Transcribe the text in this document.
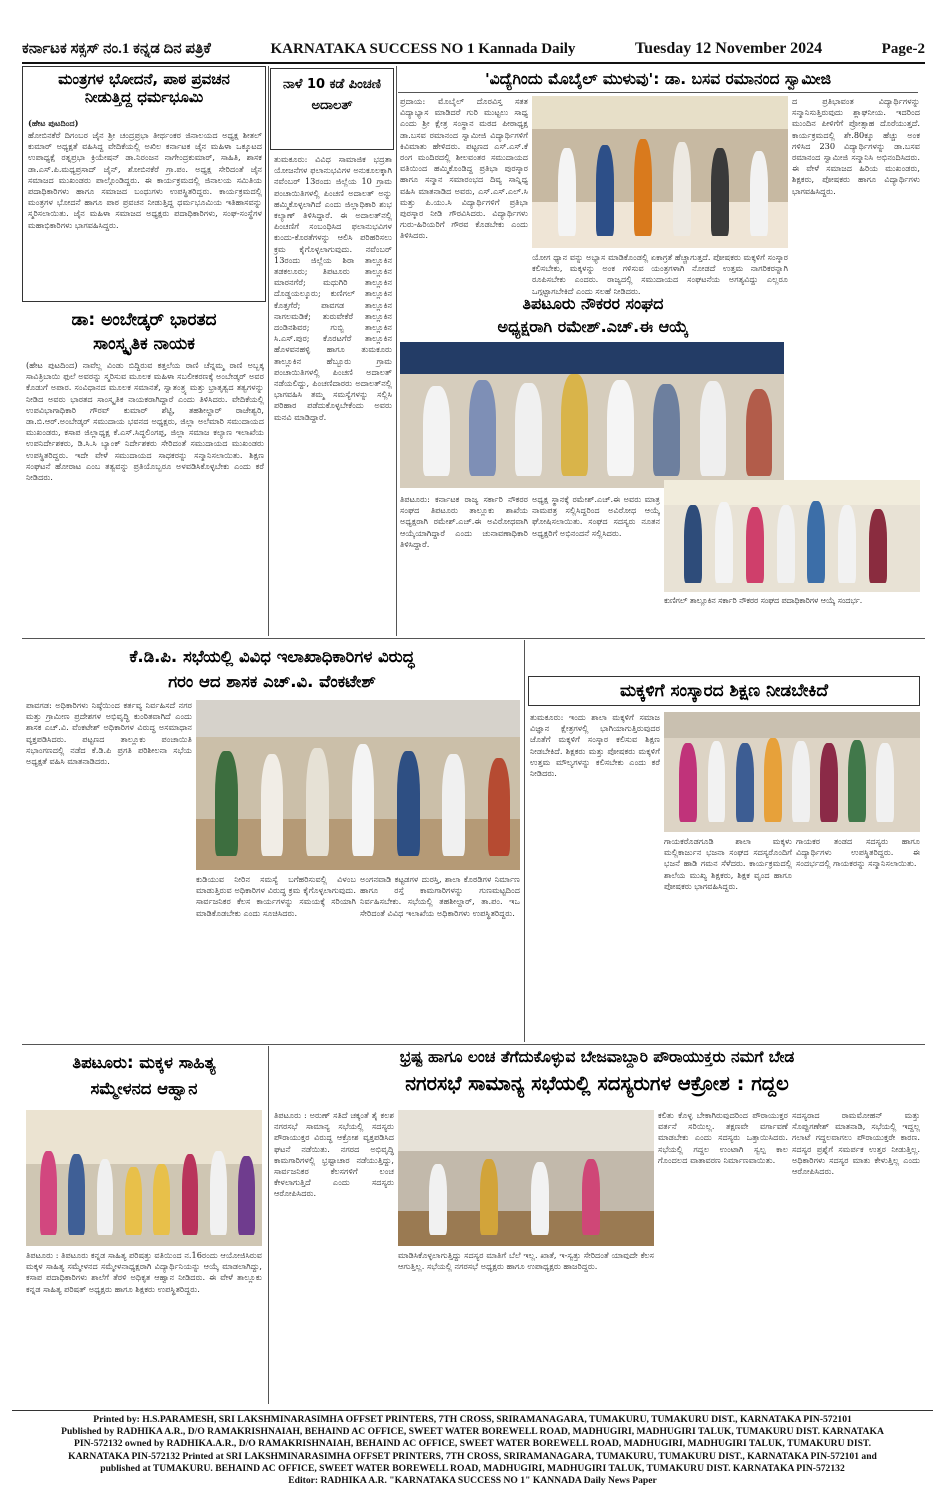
ಕರ್ನಾಟಕ ಸಕ್ಸಸ್ ನಂ.1 ಕನ್ನಡ ದಿನ ಪತ್ರಿಕೆ	KARNATAKA SUCCESS NO 1 Kannada Daily	Tuesday 12 November 2024	Page-2
ಮಂತ್ರಗಳ ಭೋದನೆ, ಪಾಠ ಪ್ರವಚನ
ನೀಡುತ್ತಿದ್ದ ಧರ್ಮಭೂಮಿ
(ಹೇಟ ಪುಟದಿಂದ)
ಹೋಬಿನಕೆರೆ ದಿಗಂಬರ ಜೈನ ಶ್ರೀ ಚಂದ್ರಪ್ರಭಾ ತೀರ್ಥಂಕರ ಜಿನಾಲಯದ ಅಧ್ಯಕ್ಷ ಶೀತಲ್ ಕುಮಾರ್ ಅಧ್ಯಕ್ಷತೆ ವಹಿಸಿದ್ದ ವೇದಿಕೆಯಲ್ಲಿ ಅಖಿಲ ಕರ್ನಾಟಕ ಜೈನ ಮಹಿಳಾ ಒಕ್ಕೂಟದ ಉಪಾಧ್ಯಕ್ಷೆ ರತ್ನಪ್ರಭಾ ಕ್ರಿಯೇಷನ್ ಡಾ.ನಿರಂಜನ ನಾಗೇಂದ್ರಕುಮಾರ್, ಸಾಹಿತಿ, ಶಾಸಕ ಡಾ.ಎಸ್.ಪಿ.ಮಧ್ಯಪ್ರಸಾದ್ ಜೈನ್, ಶೋಬಿನಕೆರೆ ಗ್ರಾ.ಪಂ. ಅಧ್ಯಕ್ಷ ಸೇರಿದಂತೆ ಜೈನ ಸಮಾಜದ ಮುಖಂಡರು ಪಾಲ್ಗೊಂಡಿದ್ದರು. ಈ ಕಾರ್ಯಕ್ರಮದಲ್ಲಿ ಜಿನಾಲಯ ಸಮಿತಿಯ ಪದಾಧಿಕಾರಿಗಳು ಹಾಗೂ ಸಮಾಜದ ಬಂಧುಗಳು ಉಪಸ್ಥಿತರಿದ್ದರು. ಕಾರ್ಯಕ್ರಮದಲ್ಲಿ ಮಂತ್ರಗಳ ಭೋದನೆ ಹಾಗೂ ಪಾಠ ಪ್ರವಚನ ನೀಡುತ್ತಿದ್ದ ಧರ್ಮಭೂಮಿಯ ಇತಿಹಾಸವನ್ನು ಸ್ಮರಿಸಲಾಯಿತು. ಜೈನ ಮಹಿಳಾ ಸಮಾಜದ ಅಧ್ಯಕ್ಷರು ಪದಾಧಿಕಾರಿಗಳು, ಸಂಘ-ಸಂಸ್ಥೆಗಳ ಮಹಾಭಿಕಾರಿಗಳು ಭಾಗವಹಿಸಿದ್ದರು.
ನಾಳೆ 10 ಕಡೆ ಪಿಂಚಣಿ ಅದಾಲತ್
ತುಮಕೂರು: ವಿವಿಧ ಸಾಮಾಜಿಕ ಭದ್ರತಾ ಯೋಜನೆಗಳ ಫಲಾನುಭವಿಗಳ ಅನುಕೂಲಕ್ಕಾಗಿ ನವೆಂಬರ್ 13ರಂದು ಜಿಲ್ಲೆಯ 10 ಗ್ರಾಮ ಪಂಚಾಯಿತಿಗಳಲ್ಲಿ ಪಿಂಚಣಿ ಅದಾಲತ್ ಅನ್ನು ಹಮ್ಮಿಕೊಳ್ಳಲಾಗಿದೆ ಎಂದು ಜಿಲ್ಲಾಧಿಕಾರಿ ಶುಭ ಕಲ್ಯಾಣ್ ತಿಳಿಸಿದ್ದಾರೆ. ಈ ಅದಾಲತ್‌ನಲ್ಲಿ ಪಿಂಚಣಿಗೆ ಸಂಬಂಧಿಸಿದ ಫಲಾನುಭವಿಗಳ ಕುಂದು-ಕೊರತೆಗಳನ್ನು ಆಲಿಸಿ ಪರಿಹರಿಸಲು ಕ್ರಮ ಕೈಗೊಳ್ಳಲಾಗುವುದು. ನವೆಂಬರ್ 13ರಂದು ಜಿಲ್ಲೆಯ ಶಿರಾ ತಾಲ್ಲೂಕಿನ ತಡಕಲೂರು; ತಿಪಟೂರು ತಾಲ್ಲೂಕಿನ ಮಾರನಗೆರೆ; ಮಧುಗಿರಿ ತಾಲ್ಲೂಕಿನ ದೊಡ್ಡಯಲ್ಕೂರು; ಕುಣಿಗಲ್ ತಾಲ್ಲೂಕಿನ ಕೊತ್ತಗೆರೆ; ಪಾವಗಡ ತಾಲ್ಲೂಕಿನ ನಾಗಲಮಡಿಕೆ; ತುರುವೇಕೆರೆ ತಾಲ್ಲೂಕಿನ ದಂಡಿನಶಿವರ; ಗುಬ್ಬಿ ತಾಲ್ಲೂಕಿನ ಸಿ.ಎಸ್.ಪುರ; ಕೊರಟಗೆರೆ ತಾಲ್ಲೂಕಿನ ಹೊಳವನಹಳ್ಳಿ ಹಾಗೂ ತುಮಕೂರು ತಾಲ್ಲೂಕಿನ ಹೆಬ್ಬೂರು ಗ್ರಾಮ ಪಂಚಾಯಿತಿಗಳಲ್ಲಿ ಪಿಂಚಣಿ ಅದಾಲತ್ ನಡೆಯಲಿದ್ದು, ಪಿಂಚಣಿದಾರರು ಅದಾಲತ್‌ನಲ್ಲಿ ಭಾಗವಹಿಸಿ ತಮ್ಮ ಸಮಸ್ಯೆಗಳನ್ನು ಸಲ್ಲಿಸಿ ಪರಿಹಾರ ಪಡೆದುಕೊಳ್ಳಬೇಕೆಂದು ಅವರು ಮನವಿ ಮಾಡಿದ್ದಾರೆ.
ಡಾ: ಅಂಬೇಡ್ಕರ್ ಭಾರತದ
ಸಾಂಸ್ಕೃತಿಕ ನಾಯಕ
(ಹೇಟ ಪುಟದಿಂದ) ನಾವೆಲ್ಲ ವಿಂಡು ಬಿದ್ದಿರುವ ಕತ್ತಲೆಯ ರಾಣಿ ಚೆನ್ನಮ್ಮ ರಾಣಿ ಅಬ್ಬಕ್ಕ ಸಾವಿತ್ರಿಬಾಯಿ ಫುಲೆ ಅವರನ್ನು ಸ್ಮರಿಸುವ ಮೂಲಕ ಮಹಿಳಾ ಸಬಲೀಕರಣಕ್ಕೆ ಅಂಬೇಡ್ಕರ್ ಅವರ ಕೊಡುಗೆ ಅಪಾರ. ಸಂವಿಧಾನದ ಮೂಲಕ ಸಮಾನತೆ, ಸ್ವಾತಂತ್ರ್ಯ ಮತ್ತು ಭ್ರಾತೃತ್ವದ ತತ್ವಗಳನ್ನು ನೀಡಿದ ಅವರು ಭಾರತದ ಸಾಂಸ್ಕೃತಿಕ ನಾಯಕರಾಗಿದ್ದಾರೆ ಎಂದು ತಿಳಿಸಿದರು. ವೇದಿಕೆಯಲ್ಲಿ ಉಪವಿಭಾಗಾಧಿಕಾರಿ ಗೌರವ್ ಕುಮಾರ್ ಶೆಟ್ಟಿ, ತಹಶೀಲ್ದಾರ್ ರಾಜೇಶ್ವರಿ, ಡಾ.ಬಿ.ಆರ್.ಅಂಬೇಡ್ಕರ್ ಸಮುದಾಯ ಭವನದ ಅಧ್ಯಕ್ಷರು, ಜಿಲ್ಲಾ ಅಲೆಮಾರಿ ಸಮುದಾಯದ ಮುಖಂಡರು, ಕಸಾಪ ಜಿಲ್ಲಾಧ್ಯಕ್ಷ ಕೆ.ಎಸ್.ಸಿದ್ಧಲಿಂಗಪ್ಪ, ಜಿಲ್ಲಾ ಸಮಾಜ ಕಲ್ಯಾಣ ಇಲಾಖೆಯ ಉಪನಿರ್ದೇಶಕರು, ಡಿ.ಸಿ.ಸಿ ಬ್ಯಾಂಕ್ ನಿರ್ದೇಶಕರು ಸೇರಿದಂತೆ ಸಮುದಾಯದ ಮುಖಂಡರು ಉಪಸ್ಥಿತರಿದ್ದರು. ಇದೇ ವೇಳೆ ಸಮುದಾಯದ ಸಾಧಕರನ್ನು ಸನ್ಮಾನಿಸಲಾಯಿತು. ಶಿಕ್ಷಣ ಸಂಘಟನೆ ಹೋರಾಟ ಎಂಬ ತತ್ವವನ್ನು ಪ್ರತಿಯೊಬ್ಬರೂ ಅಳವಡಿಸಿಕೊಳ್ಳಬೇಕು ಎಂದು ಕರೆ ನೀಡಿದರು.
'ವಿದ್ಯೆಗಿಂದು ಮೊಬೈಲ್ ಮುಳುವು': ಡಾ. ಬಸವ ರಮಾನಂದ ಸ್ವಾಮೀಜಿ
ಪ್ರದಾಯ: ಮೊಬೈಲ್ ದೊರವಿಸ್ತ ಸತತ ವಿದ್ಯಾಭ್ಯಾಸ ಮಾಡಿದರೆ ಗುರಿ ಮುಟ್ಟಲು ಸಾಧ್ಯ ಎಂದು ಶ್ರೀ ಕ್ಷೇತ್ರ ಸಂಸ್ಥಾನ ಮಠದ ಪೀಠಾಧ್ಯಕ್ಷ ಡಾ.ಬಸವ ರಮಾನಂದ ಸ್ವಾಮೀಜಿ ವಿದ್ಯಾರ್ಥಿಗಳಿಗೆ ಕಿವಿಮಾತು ಹೇಳಿದರು. ಪಟ್ಟಣದ ಎಸ್.ಎಸ್.ಕೆ ರಂಗ ಮಂದಿರದಲ್ಲಿ ಶೀಲವಂತರ ಸಮುದಾಯದ ವತಿಯಿಂದ ಹಮ್ಮಿಕೊಂಡಿದ್ದ ಪ್ರತಿಭಾ ಪುರಸ್ಕಾರ ಹಾಗೂ ಸನ್ಮಾನ ಸಮಾರಂಭದ ದಿವ್ಯ ಸಾನ್ನಿಧ್ಯ ವಹಿಸಿ ಮಾತನಾಡಿದ ಅವರು, ಎಸ್.ಎಸ್.ಎಲ್.ಸಿ ಮತ್ತು ಪಿ.ಯು.ಸಿ ವಿದ್ಯಾರ್ಥಿಗಳಿಗೆ ಪ್ರತಿಭಾ ಪುರಸ್ಕಾರ ನೀಡಿ ಗೌರವಿಸಿದರು. ವಿದ್ಯಾರ್ಥಿಗಳು ಗುರು-ಹಿರಿಯರಿಗೆ ಗೌರವ ಕೊಡಬೇಕು ಎಂದು ತಿಳಿಸಿದರು.
ಯೋಗ ಧ್ಯಾನ ವನ್ನು ಅಭ್ಯಾಸ ಮಾಡಿಕೊಂಡಲ್ಲಿ ಏಕಾಗ್ರತೆ ಹೆಚ್ಚಾಗುತ್ತದೆ. ಪೋಷಕರು ಮಕ್ಕಳಿಗೆ ಸಂಸ್ಕಾರ ಕಲಿಸಬೇಕು, ಮಕ್ಕಳನ್ನು ಅಂಕ ಗಳಿಸುವ ಯಂತ್ರಗಳಾಗಿ ನೋಡದೆ ಉತ್ತಮ ನಾಗರಿಕರನ್ನಾಗಿ ರೂಪಿಸಬೇಕು ಎಂದರು. ರಾಜ್ಯದಲ್ಲಿ ಸಮುದಾಯದ ಸಂಘಟನೆಯ ಅಗತ್ಯವಿದ್ದು ಎಲ್ಲರೂ ಒಗ್ಗಟ್ಟಾಗಬೇಕಿದೆ ಎಂದು ಸಲಹೆ ನೀಡಿದರು.
ದ ಪ್ರತಿಭಾವಂತ ವಿದ್ಯಾರ್ಥಿಗಳನ್ನು ಸನ್ಮಾನಿಸುತ್ತಿರುವುದು ಶ್ಲಾಘನೀಯ. ಇದರಿಂದ ಮುಂದಿನ ಪೀಳಿಗೆಗೆ ಪ್ರೋತ್ಸಾಹ ದೊರೆಯುತ್ತದೆ. ಕಾರ್ಯಕ್ರಮದಲ್ಲಿ ಶೇ.80ಕ್ಕೂ ಹೆಚ್ಚು ಅಂಕ ಗಳಿಸಿದ 230 ವಿದ್ಯಾರ್ಥಿಗಳನ್ನು ಡಾ.ಬಸವ ರಮಾನಂದ ಸ್ವಾಮೀಜಿ ಸನ್ಮಾನಿಸಿ ಅಭಿನಂದಿಸಿದರು. ಈ ವೇಳೆ ಸಮಾಜದ ಹಿರಿಯ ಮುಖಂಡರು, ಶಿಕ್ಷಕರು, ಪೋಷಕರು ಹಾಗೂ ವಿದ್ಯಾರ್ಥಿಗಳು ಭಾಗವಹಿಸಿದ್ದರು.
ತಿಪಟೂರು ನೌಕರರ ಸಂಘದ
ಅಧ್ಯಕ್ಷರಾಗಿ ರಮೇಶ್.ಎಚ್.ಈ ಆಯ್ಕೆ
ತಿಪಟೂರು: ಕರ್ನಾಟಕ ರಾಜ್ಯ ಸರ್ಕಾರಿ ನೌಕರರ ಸಂಘದ ತಿಪಟೂರು ತಾಲ್ಲೂಕು ಶಾಖೆಯ ಅಧ್ಯಕ್ಷರಾಗಿ ರಮೇಶ್.ಎಚ್.ಈ ಅವಿರೋಧವಾಗಿ ಆಯ್ಕೆಯಾಗಿದ್ದಾರೆ ಎಂದು ಚುನಾವಣಾಧಿಕಾರಿ ತಿಳಿಸಿದ್ದಾರೆ.
ಅಧ್ಯಕ್ಷ ಸ್ಥಾನಕ್ಕೆ ರಮೇಶ್.ಎಚ್.ಈ ಅವರು ಮಾತ್ರ ನಾಮಪತ್ರ ಸಲ್ಲಿಸಿದ್ದರಿಂದ ಅವಿರೋಧ ಆಯ್ಕೆ ಘೋಷಿಸಲಾಯಿತು. ಸಂಘದ ಸದಸ್ಯರು ನೂತನ ಅಧ್ಯಕ್ಷರಿಗೆ ಅಭಿನಂದನೆ ಸಲ್ಲಿಸಿದರು.
ಕುಣಿಗಲ್ ತಾಲ್ಲೂಕಿನ ಸರ್ಕಾರಿ ನೌಕರರ ಸಂಘದ ಪದಾಧಿಕಾರಿಗಳ ಆಯ್ಕೆ ಸಂದರ್ಭ.
ಕೆ.ಡಿ.ಪಿ. ಸಭೆಯಲ್ಲಿ ವಿವಿಧ ಇಲಾಖಾಧಿಕಾರಿಗಳ ವಿರುದ್ಧ
ಗರಂ ಆದ ಶಾಸಕ ಎಚ್.ವಿ. ವೆಂಕಟೇಶ್
ಪಾವಗಡ: ಅಧಿಕಾರಿಗಳು ನಿಷ್ಠೆಯಿಂದ ಕರ್ತವ್ಯ ನಿರ್ವಹಿಸದೆ ನಗರ ಮತ್ತು ಗ್ರಾಮೀಣ ಪ್ರದೇಶಗಳ ಅಭಿವೃದ್ಧಿ ಕುಂಠಿತವಾಗಿದೆ ಎಂದು ಶಾಸಕ ಎಚ್.ವಿ. ವೆಂಕಟೇಶ್ ಅಧಿಕಾರಿಗಳ ವಿರುದ್ಧ ಅಸಮಾಧಾನ ವ್ಯಕ್ತಪಡಿಸಿದರು. ಪಟ್ಟಣದ ತಾಲ್ಲೂಕು ಪಂಚಾಯಿತಿ ಸಭಾಂಗಣದಲ್ಲಿ ನಡೆದ ಕೆ.ಡಿ.ಪಿ ಪ್ರಗತಿ ಪರಿಶೀಲನಾ ಸಭೆಯ ಅಧ್ಯಕ್ಷತೆ ವಹಿಸಿ ಮಾತನಾಡಿದರು.
ಕುಡಿಯುವ ನೀರಿನ ಸಮಸ್ಯೆ ಬಗೆಹರಿಸುವಲ್ಲಿ ವಿಳಂಬ ಮಾಡುತ್ತಿರುವ ಅಧಿಕಾರಿಗಳ ವಿರುದ್ಧ ಕ್ರಮ ಕೈಗೊಳ್ಳಲಾಗುವುದು. ಸಾರ್ವಜನಿಕರ ಕೆಲಸ ಕಾರ್ಯಗಳನ್ನು ಸಮಯಕ್ಕೆ ಸರಿಯಾಗಿ ಮಾಡಿಕೊಡಬೇಕು ಎಂದು ಸೂಚಿಸಿದರು.
ಅಂಗನವಾಡಿ ಕಟ್ಟಡಗಳ ದುರಸ್ತಿ, ಶಾಲಾ ಕೊಠಡಿಗಳ ನಿರ್ಮಾಣ ಹಾಗೂ ರಸ್ತೆ ಕಾಮಗಾರಿಗಳನ್ನು ಗುಣಮಟ್ಟದಿಂದ ನಿರ್ವಹಿಸಬೇಕು. ಸಭೆಯಲ್ಲಿ ತಹಶೀಲ್ದಾರ್, ತಾ.ಪಂ. ಇಒ ಸೇರಿದಂತೆ ವಿವಿಧ ಇಲಾಖೆಯ ಅಧಿಕಾರಿಗಳು ಉಪಸ್ಥಿತರಿದ್ದರು.
ಮಕ್ಕಳಿಗೆ ಸಂಸ್ಕಾರದ ಶಿಕ್ಷಣ ನೀಡಬೇಕಿದೆ
ತುಮಕೂರು: ಇಂದು ಶಾಲಾ ಮಕ್ಕಳಿಗೆ ಸಮಾಜ ವಿಜ್ಞಾನ ಕ್ಷೇತ್ರಗಳಲ್ಲಿ ಭಾಗಿಯಾಗುತ್ತಿರುವುದರ ಜೊತೆಗೆ ಮಕ್ಕಳಿಗೆ ಸಂಸ್ಕಾರ ಕಲಿಸುವ ಶಿಕ್ಷಣ ನೀಡಬೇಕಿದೆ. ಶಿಕ್ಷಕರು ಮತ್ತು ಪೋಷಕರು ಮಕ್ಕಳಿಗೆ ಉತ್ತಮ ಮೌಲ್ಯಗಳನ್ನು ಕಲಿಸಬೇಕು ಎಂದು ಕರೆ ನೀಡಿದರು.
ಗಾಯಕರೊಡಗೂಡಿ ಶಾಲಾ ಮಕ್ಕಳು ಮಲ್ಲಿಕಾರ್ಜುನ ಭಜನಾ ಸಂಘದ ಸದಸ್ಯರೊಂದಿಗೆ ಭಜನೆ ಹಾಡಿ ಗಮನ ಸೆಳೆದರು. ಕಾರ್ಯಕ್ರಮದಲ್ಲಿ ಶಾಲೆಯ ಮುಖ್ಯ ಶಿಕ್ಷಕರು, ಶಿಕ್ಷಕ ವೃಂದ ಹಾಗೂ ಪೋಷಕರು ಭಾಗವಹಿಸಿದ್ದರು.
ಗಾಯಕರ ತಂಡದ ಸದಸ್ಯರು ಹಾಗೂ ವಿದ್ಯಾರ್ಥಿಗಳು ಉಪಸ್ಥಿತರಿದ್ದರು. ಈ ಸಂದರ್ಭದಲ್ಲಿ ಗಾಯಕರನ್ನು ಸನ್ಮಾನಿಸಲಾಯಿತು.
ತಿಪಟೂರು: ಮಕ್ಕಳ ಸಾಹಿತ್ಯ
ಸಮ್ಮೇಳನದ ಆಹ್ವಾನ
ತಿಪಟೂರು : ತಿಪಟೂರು ಕನ್ನಡ ಸಾಹಿತ್ಯ ಪರಿಷತ್ತು ವತಿಯಿಂದ ನ.16ರಂದು ಆಯೋಜಿಸಿರುವ ಮಕ್ಕಳ ಸಾಹಿತ್ಯ ಸಮ್ಮೇಳನದ ಸಮ್ಮೇಳನಾಧ್ಯಕ್ಷರಾಗಿ ವಿದ್ಯಾರ್ಥಿನಿಯನ್ನು ಆಯ್ಕೆ ಮಾಡಲಾಗಿದ್ದು, ಕಸಾಪ ಪದಾಧಿಕಾರಿಗಳು ಶಾಲೆಗೆ ತೆರಳಿ ಅಧಿಕೃತ ಆಹ್ವಾನ ನೀಡಿದರು. ಈ ವೇಳೆ ತಾಲ್ಲೂಕು ಕನ್ನಡ ಸಾಹಿತ್ಯ ಪರಿಷತ್ ಅಧ್ಯಕ್ಷರು ಹಾಗೂ ಶಿಕ್ಷಕರು ಉಪಸ್ಥಿತರಿದ್ದರು.
ಭ್ರಷ್ಟ ಹಾಗೂ ಲಂಚ ತೆಗೆದುಕೊಳ್ಳುವ ಬೇಜವಾಬ್ದಾರಿ ಪೌರಾಯುಕ್ತರು ನಮಗೆ ಬೇಡ
ನಗರಸಭೆ ಸಾಮಾನ್ಯ ಸಭೆಯಲ್ಲಿ ಸದಸ್ಯರುಗಳ ಆಕ್ರೋಶ : ಗದ್ದಲ
ತಿಪಟೂರು : ಅರುಣ್ ಸತಿದೆ ಚಕ್ಕಂತೆ ತೈ ಕಲಶ ನಗರಸಭೆ ಸಾಮಾನ್ಯ ಸಭೆಯಲ್ಲಿ ಸದಸ್ಯರು ಪೌರಾಯುಕ್ತರ ವಿರುದ್ಧ ಆಕ್ರೋಶ ವ್ಯಕ್ತಪಡಿಸಿದ ಘಟನೆ ನಡೆಯಿತು. ನಗರದ ಅಭಿವೃದ್ಧಿ ಕಾಮಗಾರಿಗಳಲ್ಲಿ ಭ್ರಷ್ಟಾಚಾರ ನಡೆಯುತ್ತಿದ್ದು, ಸಾರ್ವಜನಿಕರ ಕೆಲಸಗಳಿಗೆ ಲಂಚ ಕೇಳಲಾಗುತ್ತಿದೆ ಎಂದು ಸದಸ್ಯರು ಆರೋಪಿಸಿದರು.
ಮಾಡಿಸಿಕೊಳ್ಳಲಾಗುತ್ತಿದ್ದು ಸದಸ್ಯರ ಮಾತಿಗೆ ಬೆಲೆ ಇಲ್ಲ. ಖಾತೆ, ಇ-ಸ್ವತ್ತು ಸೇರಿದಂತೆ ಯಾವುದೇ ಕೆಲಸ ಆಗುತ್ತಿಲ್ಲ. ಸಭೆಯಲ್ಲಿ ನಗರಸಭೆ ಅಧ್ಯಕ್ಷರು ಹಾಗೂ ಉಪಾಧ್ಯಕ್ಷರು ಹಾಜರಿದ್ದರು.
ಕಲಿತು ಕೊಳ್ಳ ಬೇಕಾಗಿರುವುದರಿಂದ ಪೌರಾಯುಕ್ತರ ವರ್ತನೆ ಸರಿಯಿಲ್ಲ. ತಕ್ಷಣವೇ ವರ್ಗಾವಣೆ ಮಾಡಬೇಕು ಎಂದು ಸದಸ್ಯರು ಒತ್ತಾಯಿಸಿದರು. ಸಭೆಯಲ್ಲಿ ಗದ್ದಲ ಉಂಟಾಗಿ ಸ್ವಲ್ಪ ಕಾಲ ಗೊಂದಲದ ವಾತಾವರಣ ನಿರ್ಮಾಣವಾಯಿತು.
ಸದಸ್ಯರಾದ ರಾಮಮೋಹನ್ ಮತ್ತು ಸೊಪ್ಪುಗಣೇಶ್ ಮಾತನಾಡಿ, ಸಭೆಯಲ್ಲಿ ಇದ್ದಲ್ಲ ಗಲಾಟೆ ಗದ್ದಲವಾಗಲು ಪೌರಾಯುಕ್ತರೇ ಕಾರಣ. ಸದಸ್ಯರ ಪ್ರಶ್ನೆಗೆ ಸಮರ್ಪಕ ಉತ್ತರ ನೀಡುತ್ತಿಲ್ಲ. ಅಧಿಕಾರಿಗಳು ಸದಸ್ಯರ ಮಾತು ಕೇಳುತ್ತಿಲ್ಲ ಎಂದು ಆರೋಪಿಸಿದರು.
Printed by: H.S.PARAMESH, SRI LAKSHMINARASIMHA OFFSET PRINTERS, 7TH CROSS, SRIRAMANAGARA, TUMAKURU, TUMAKURU DIST., KARNATAKA PIN-572101
Published by RADHIKA A.R., D/O RAMAKRISHNAIAH, BEHAIND AC OFFICE, SWEET WATER BOREWELL ROAD, MADHUGIRI, MADHUGIRI TALUK, TUMAKURU DIST. KARNATAKA
PIN-572132 owned by RADHIKA.A.R., D/O RAMAKRISHNAIAH, BEHAIND AC OFFICE, SWEET WATER BOREWELL ROAD, MADHUGIRI, MADHUGIRI TALUK, TUMAKURU DIST.
KARNATAKA PIN-572132 Printed at SRI LAKSHMINARASIMHA OFFSET PRINTERS, 7TH CROSS, SRIRAMANAGARA, TUMAKURU, TUMAKURU DIST., KARNATAKA PIN-572101 and
published at TUMAKURU. BEHAIND AC OFFICE, SWEET WATER BOREWELL ROAD, MADHUGIRI, MADHUGIRI TALUK, TUMAKURU DIST. KARNATAKA PIN-572132
Editor: RADHIKA A.R. "KARNATAKA SUCCESS NO 1" KANNADA Daily News Paper
